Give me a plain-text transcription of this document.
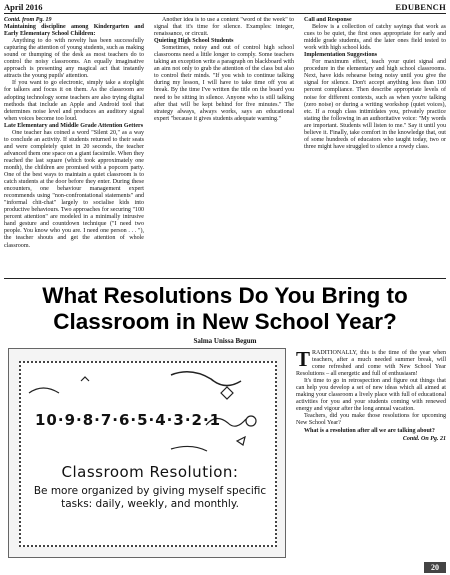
April 2016	EDUBENCH

Contd. from Pg. 19

Maintaining discipline among Kindergarten and Early Elementary School Children:

Anything to do with novelty has been successfully capturing the attention of young students, such as making sound or thumping of the desk as most teachers do to control the noisy classrooms. An equally imaginative approach is presenting any magical act that instantly attracts the young pupils' attention.

If you want to go electronic, simply take a stoplight for talkers and focus it on them. As the classroom are adopting technology some teachers are also trying digital methods that include an Apple and Android tool that determines noise level and produces an auditory signal when voices become too loud.

Late Elementary and Middle Grade Attention Getters

One teacher has coined a word "Silent 20," as a way to conclude an activity. If students returned to their seats and were completely quiet in 20 seconds, the teacher advanced them one space on a giant facsimile. When they reached the last square (which took approximately one month), the children are promised with a popcorn party. One of the best ways to maintain a quiet classroom is to catch students at the door before they enter. During these encounters, one behaviour management expert recommends using "non-confrontational statements" and "informal chit-chat" largely to socialise kids into productive behaviours. Two approaches for securing "100 percent attention" are modeled in a minimally intrusive hand gesture and countdown technique ("I need two people. You know who you are. I need one person . . . "), the teacher shouts and get the attention of whole classroom.

Another idea is to use a content "word of the week" to signal that it's time for silence. Examples: integer, renaissance, or circuit.

Quieting High School Students

Sometimes, noisy and out of control high school classrooms need a little longer to comply. Some teachers taking an exception write a paragraph on blackboard with an aim not only to grab the attention of the class but also to control their minds. "If you wish to continue talking during my lesson, I will have to take time off you at break. By the time I've written the title on the board you need to be sitting in silence. Anyone who is still talking after that will be kept behind for five minutes." The strategy always, always works, says an educational expert "because it gives students adequate warning."

Call and Response

Below is a collection of catchy sayings that work as cues to be quiet, the first ones appropriate for early and middle grade students, and the later ones field tested to work with high school kids.

Implementation Suggestions

For maximum effect, teach your quiet signal and procedure in the elementary and high school classrooms. Next, have kids rehearse being noisy until you give the signal for silence. Don't accept anything less than 100 percent compliance. Then describe appropriate levels of noise for different contexts, such as when you're talking (zero noise) or during a writing workshop (quiet voices), etc. If a rough class intimidates you, privately practice stating the following in an authoritative voice: "My words are important. Students will listen to me." Say it until you believe it. Finally, take comfort in the knowledge that, out of some hundreds of educators who taught today, two or three might have struggled to silence a rowdy class.

What Resolutions Do You Bring to Classroom in New School Year?
Salma Unissa Begum
10·9·8·7·6·5·4·3·2·1
Classroom Resolution:
Be more organized by giving myself specific tasks: daily, weekly, and monthly.

TRADITIONALLY, this is the time of the year when teachers, after a much needed summer break, will come refreshed and come with New School Year Resolutions – all energetic and full of enthusiasm!

It's time to go in retrospection and figure out things that can help you develop a set of new ideas which all aimed at making your classroom a lively place with full of educational activities for you and your students coming with renewed energy and vigour after the long annual vacation.

Teachers, did you make those resolutions for upcoming New School Year?

What is a resolution after all we are talking about?

Contd. On Pg. 21

20
